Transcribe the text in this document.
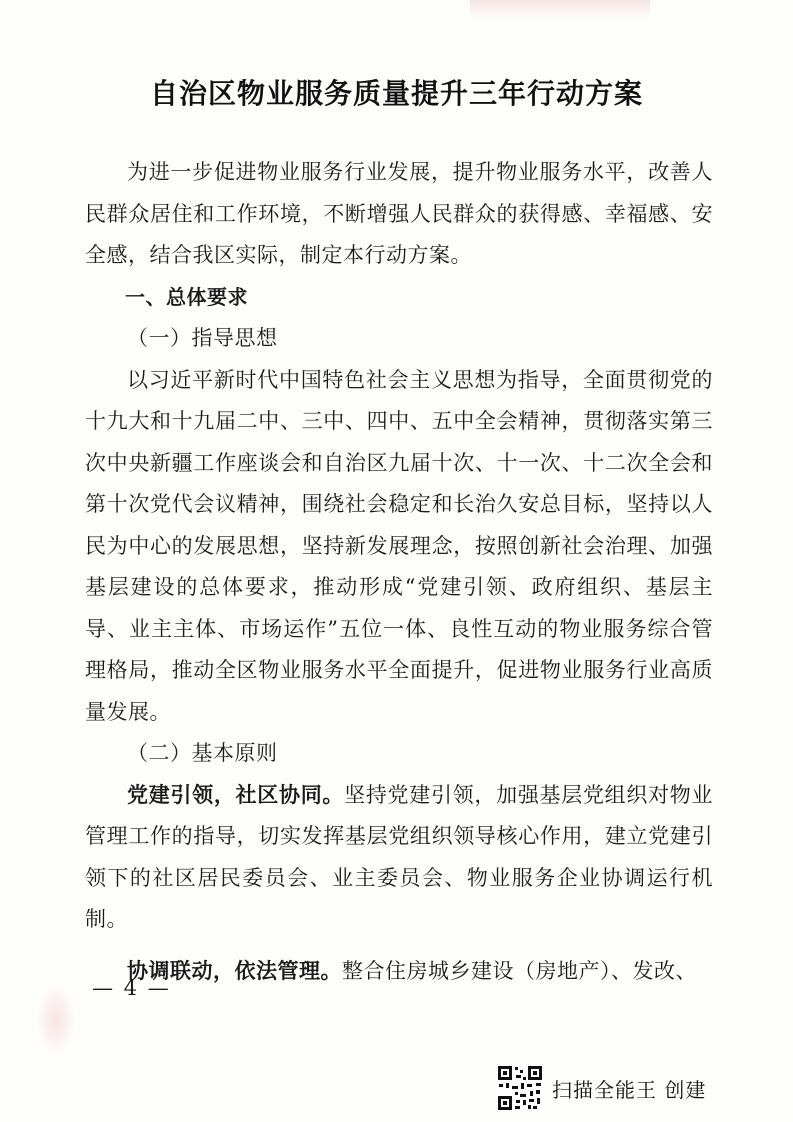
自治区物业服务质量提升三年行动方案

为进一步促进物业服务行业发展，提升物业服务水平，改善人民群众居住和工作环境，不断增强人民群众的获得感、幸福感、安全感，结合我区实际，制定本行动方案。

一、总体要求

（一）指导思想

以习近平新时代中国特色社会主义思想为指导，全面贯彻党的十九大和十九届二中、三中、四中、五中全会精神，贯彻落实第三次中央新疆工作座谈会和自治区九届十次、十一次、十二次全会和第十次党代会议精神，围绕社会稳定和长治久安总目标，坚持以人民为中心的发展思想，坚持新发展理念，按照创新社会治理、加强基层建设的总体要求，推动形成“党建引领、政府组织、基层主导、业主主体、市场运作”五位一体、良性互动的物业服务综合管理格局，推动全区物业服务水平全面提升，促进物业服务行业高质量发展。

（二）基本原则

党建引领，社区协同。坚持党建引领，加强基层党组织对物业管理工作的指导，切实发挥基层党组织领导核心作用，建立党建引领下的社区居民委员会、业主委员会、物业服务企业协调运行机制。

协调联动，依法管理。整合住房城乡建设（房地产）、发改、

— 4 —
扫描全能王 创建
